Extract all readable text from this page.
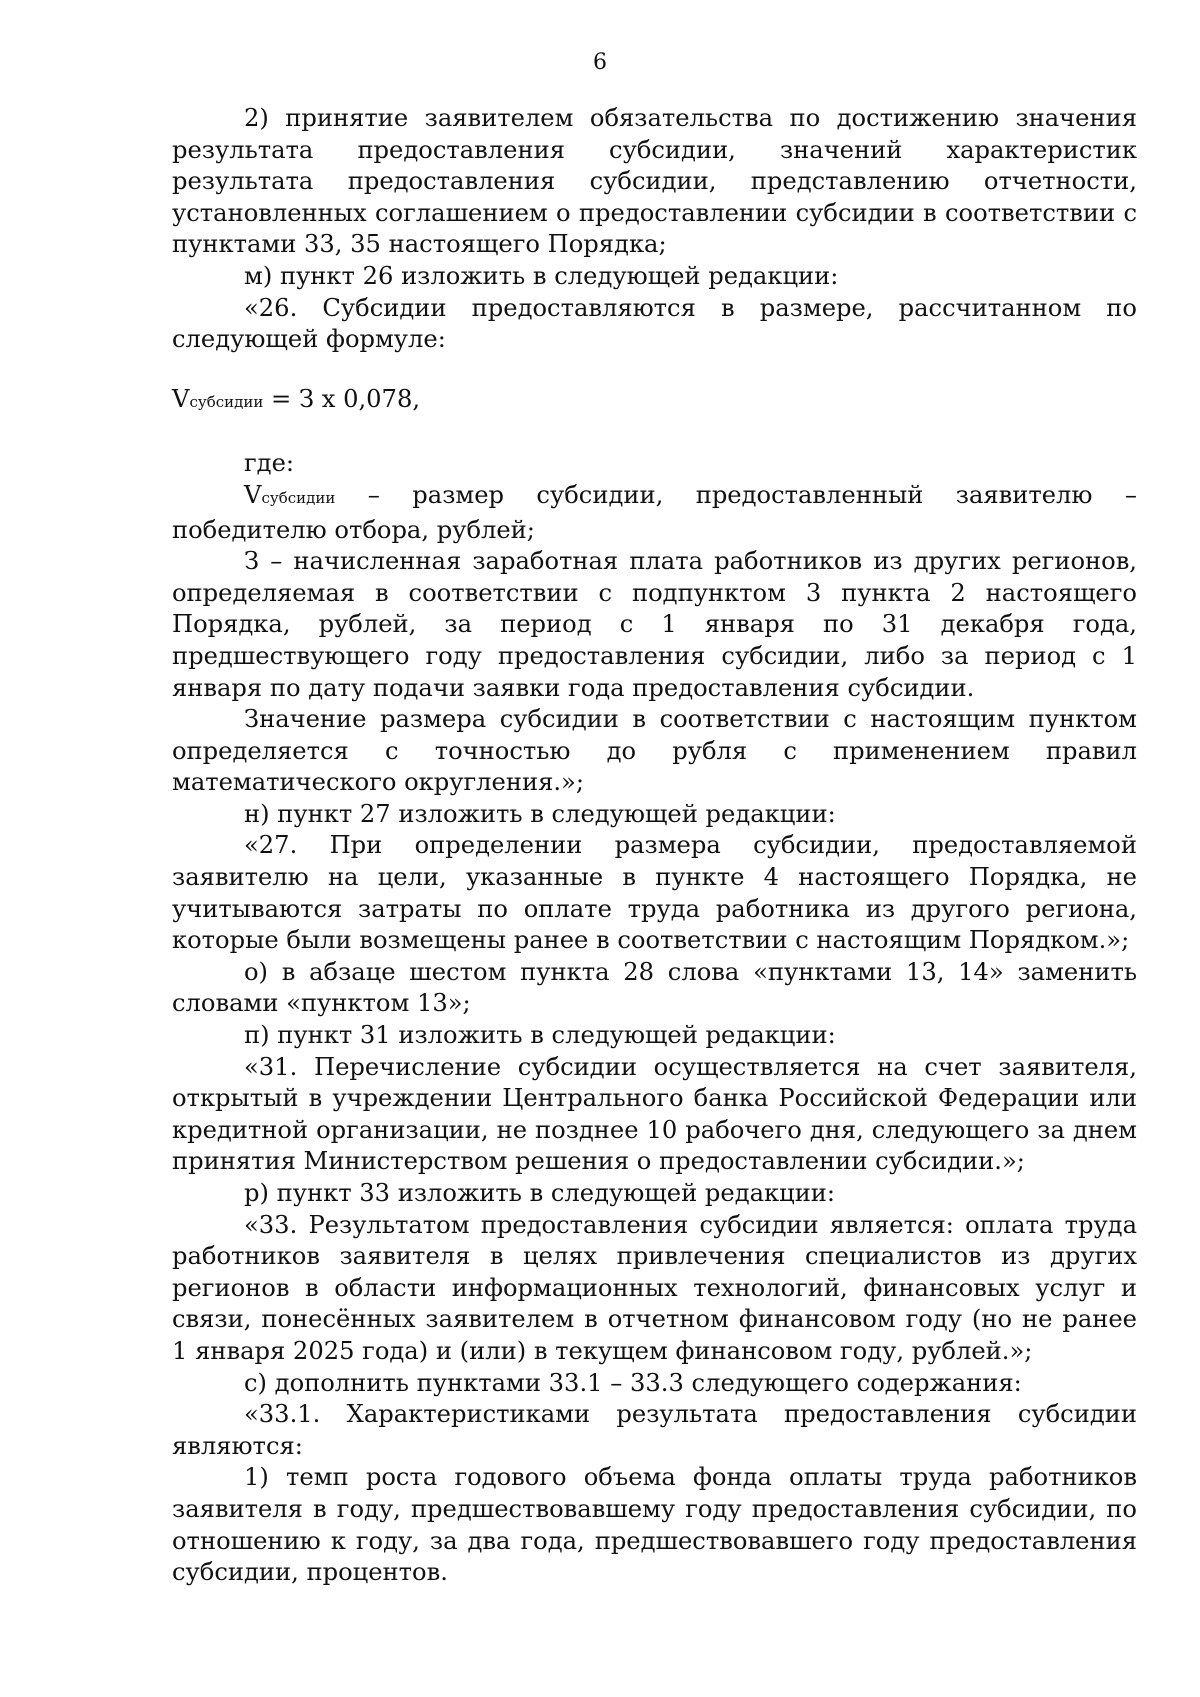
6

2) принятие заявителем обязательства по достижению значения результата предоставления субсидии, значений характеристик результата предоставления субсидии, представлению отчетности, установленных соглашением о предоставлении субсидии в соответствии с пунктами 33, 35 настоящего Порядка;

м) пункт 26 изложить в следующей редакции:

«26. Субсидии предоставляются в размере, рассчитанном по следующей формуле:

Vсубсидии = З х 0,078,

где:

Vсубсидии – размер субсидии, предоставленный заявителю – победителю отбора, рублей;

З – начисленная заработная плата работников из других регионов, определяемая в соответствии с подпунктом 3 пункта 2 настоящего Порядка, рублей, за период с 1 января по 31 декабря года, предшествующего году предоставления субсидии, либо за период с 1 января по дату подачи заявки года предоставления субсидии.

Значение размера субсидии в соответствии с настоящим пунктом определяется с точностью до рубля с применением правил математического округления.»;

н) пункт 27 изложить в следующей редакции:

«27. При определении размера субсидии, предоставляемой заявителю на цели, указанные в пункте 4 настоящего Порядка, не учитываются затраты по оплате труда работника из другого региона, которые были возмещены ранее в соответствии с настоящим Порядком.»;

о) в абзаце шестом пункта 28 слова «пунктами 13, 14» заменить словами «пунктом 13»;

п) пункт 31 изложить в следующей редакции:

«31. Перечисление субсидии осуществляется на счет заявителя, открытый в учреждении Центрального банка Российской Федерации или кредитной организации, не позднее 10 рабочего дня, следующего за днем принятия Министерством решения о предоставлении субсидии.»;

р) пункт 33 изложить в следующей редакции:

«33. Результатом предоставления субсидии является: оплата труда работников заявителя в целях привлечения специалистов из других регионов в области информационных технологий, финансовых услуг и связи, понесённых заявителем в отчетном финансовом году (но не ранее 1 января 2025 года) и (или) в текущем финансовом году, рублей.»;

с) дополнить пунктами 33.1 – 33.3 следующего содержания:

«33.1. Характеристиками результата предоставления субсидии являются:

1) темп роста годового объема фонда оплаты труда работников заявителя в году, предшествовавшему году предоставления субсидии, по отношению к году, за два года, предшествовавшего году предоставления субсидии, процентов.
